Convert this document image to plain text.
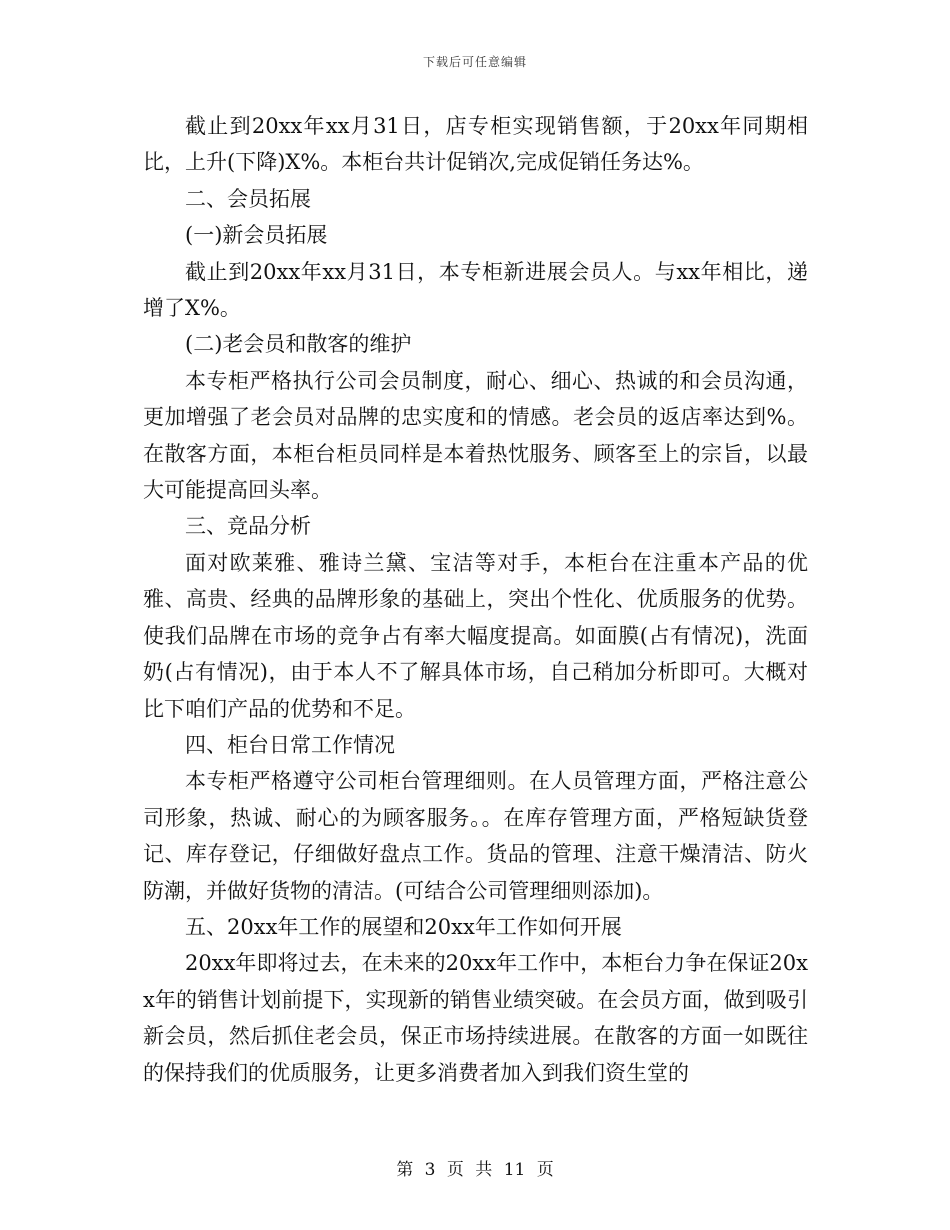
下载后可任意编辑

截止到20xx年xx月31日，店专柜实现销售额，于20xx年同期相比，上升(下降)X%。本柜台共计促销次,完成促销任务达%。

二、会员拓展

(一)新会员拓展

截止到20xx年xx月31日，本专柜新进展会员人。与xx年相比，递增了X%。

(二)老会员和散客的维护

本专柜严格执行公司会员制度，耐心、细心、热诚的和会员沟通，更加增强了老会员对品牌的忠实度和的情感。老会员的返店率达到%。在散客方面，本柜台柜员同样是本着热忱服务、顾客至上的宗旨，以最大可能提高回头率。

三、竞品分析

面对欧莱雅、雅诗兰黛、宝洁等对手，本柜台在注重本产品的优雅、高贵、经典的品牌形象的基础上，突出个性化、优质服务的优势。使我们品牌在市场的竞争占有率大幅度提高。如面膜(占有情况)，洗面奶(占有情况)，由于本人不了解具体市场，自己稍加分析即可。大概对比下咱们产品的优势和不足。

四、柜台日常工作情况

本专柜严格遵守公司柜台管理细则。在人员管理方面，严格注意公司形象，热诚、耐心的为顾客服务。。在库存管理方面，严格短缺货登记、库存登记，仔细做好盘点工作。货品的管理、注意干燥清洁、防火防潮，并做好货物的清洁。(可结合公司管理细则添加)。

五、20xx年工作的展望和20xx年工作如何开展

20xx年即将过去，在未来的20xx年工作中，本柜台力争在保证20xx年的销售计划前提下，实现新的销售业绩突破。在会员方面，做到吸引新会员，然后抓住老会员，保正市场持续进展。在散客的方面一如既往的保持我们的优质服务，让更多消费者加入到我们资生堂的

第 3 页 共 11 页
